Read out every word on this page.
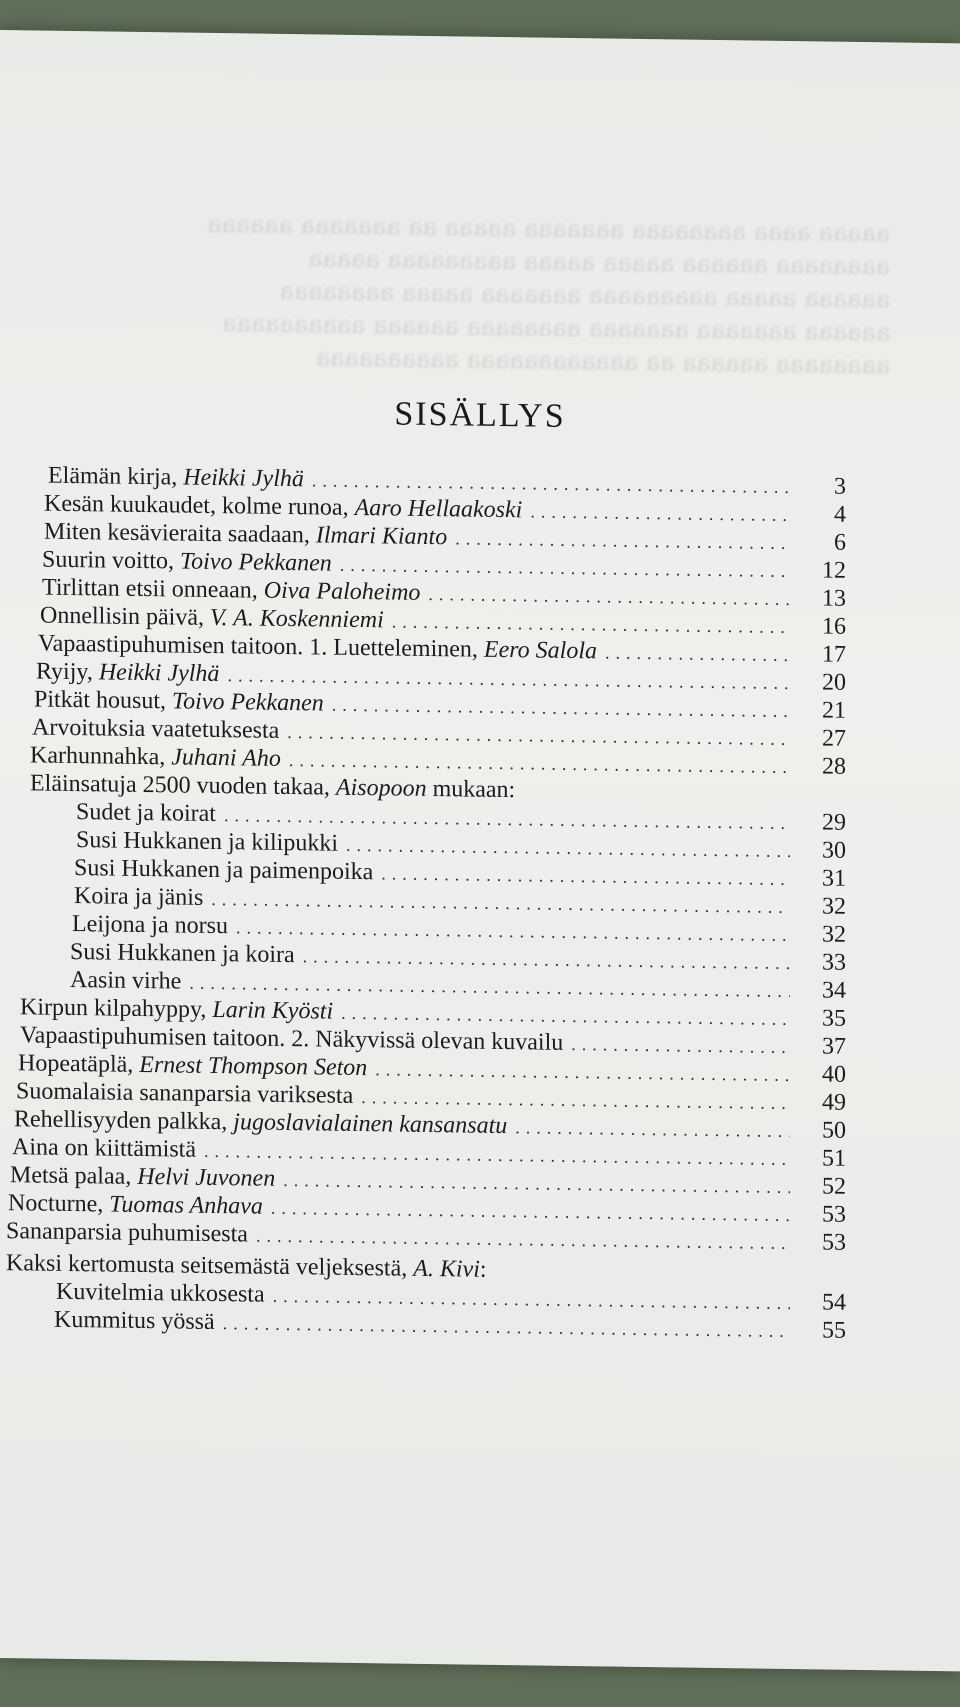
aaaaa aaaa aaaaaaaa aaaaaaa aaaaa aa aaaaaaa aaaaaa
aaaaaaaa aaaaaa aaaaa aaaaa aaaaaaaaa aaaaa
aaaaaa aaaaa aaaaaaaaa aaaaaaa aaaaa aaaaaaaa
aaaaaa aaaaaaa aaaaaaa aaaaaaaa aaaaaa aaaaaaaaaa
aaaaaaaa aaaaaa aa aaaaaaaaaaaa aaaaaaaaaa
SISÄLLYS
Elämän kirja, Heikki Jylhä .....	3
Kesän kuukaudet, kolme runoa, Aaro Hellaakoski .....	4
Miten kesävieraita saadaan, Ilmari Kianto .....	6
Suurin voitto, Toivo Pekkanen .....	12
Tirlittan etsii onneaan, Oiva Paloheimo .....	13
Onnellisin päivä, V. A. Koskenniemi .....	16
Vapaastipuhumisen taitoon. 1. Luetteleminen, Eero Salola .....	17
Ryijy, Heikki Jylhä .....	20
Pitkät housut, Toivo Pekkanen .....	21
Arvoituksia vaatetuksesta .....	27
Karhunnahka, Juhani Aho .....	28
Eläinsatuja 2500 vuoden takaa, Aisopoon mukaan:
Sudet ja koirat .....	29
Susi Hukkanen ja kilipukki .....	30
Susi Hukkanen ja paimenpoika .....	31
Koira ja jänis .....	32
Leijona ja norsu .....	32
Susi Hukkanen ja koira .....	33
Aasin virhe .....	34
Kirpun kilpahyppy, Larin Kyösti .....	35
Vapaastipuhumisen taitoon. 2. Näkyvissä olevan kuvailu .....	37
Hopeatäplä, Ernest Thompson Seton .....	40
Suomalaisia sananparsia variksesta .....	49
Rehellisyyden palkka, jugoslavialainen kansansatu .....	50
Aina on kiittämistä .....	51
Metsä palaa, Helvi Juvonen .....	52
Nocturne, Tuomas Anhava .....	53
Sananparsia puhumisesta .....	53
Kaksi kertomusta seitsemästä veljeksestä, A. Kivi:
Kuvitelmia ukkosesta .....	54
Kummitus yössä .....	55
